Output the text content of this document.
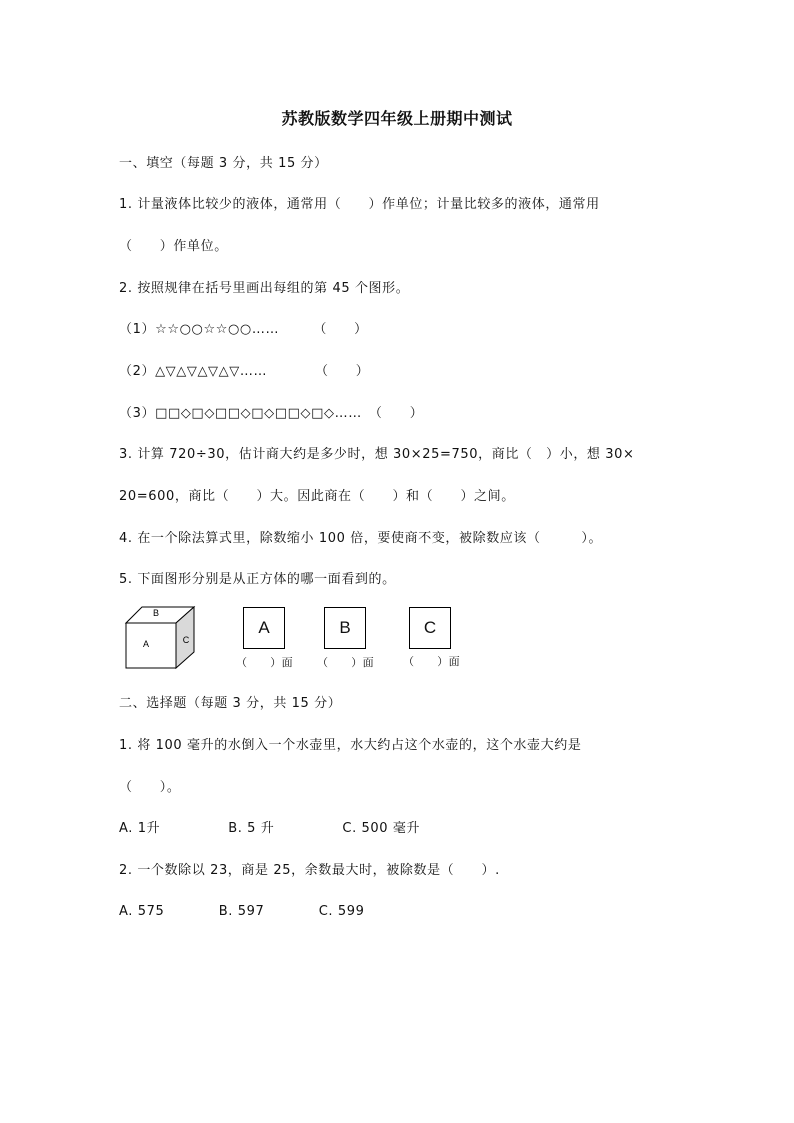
苏教版数学四年级上册期中测试
一、填空（每题 3 分，共 15 分）
1. 计量液体比较少的液体，通常用（　　）作单位；计量比较多的液体，通常用
（　　）作单位。
2. 按照规律在括号里画出每组的第 45 个图形。
（1）☆☆○○☆☆○○……　　　（　　）
（2）△▽△▽△▽△▽……　　　　（　　）
（3）□□◇□◇□□◇□◇□□◇□◇……　（　　）
3. 计算 720÷30，估计商大约是多少时，想 30×25=750，商比（　）小，想 30×
20=600，商比（　　）大。因此商在（　　）和（　　）之间。
4. 在一个除法算式里，除数缩小 100 倍，要使商不变，被除数应该（　　　）。
5. 下面图形分别是从正方体的哪一面看到的。
A
B
C
A	B	C
（　　）面 （　　）面	（　　）面
二、选择题（每题 3 分，共 15 分）
1. 将 100 毫升的水倒入一个水壶里，水大约占这个水壶的，这个水壶大约是
（　　）。
A. 1升　　　　　B. 5 升　　　　　C. 500 毫升
2. 一个数除以 23，商是 25，余数最大时，被除数是（　　）.
A. 575　　　　B. 597　　　　C. 599
